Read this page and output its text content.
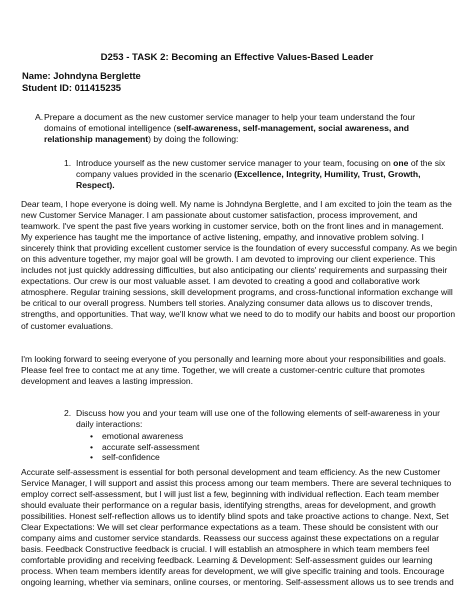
D253 - TASK 2: Becoming an Effective Values-Based Leader
Name: Johndyna Berglette
Student ID: 011415235
A. Prepare a document as the new customer service manager to help your team understand the four domains of emotional intelligence (self-awareness, self-management, social awareness, and relationship management) by doing the following:
1. Introduce yourself as the new customer service manager to your team, focusing on one of the six company values provided in the scenario (Excellence, Integrity, Humility, Trust, Growth, Respect).

Dear team, I hope everyone is doing well. My name is Johndyna Berglette, and I am excited to join the team as the new Customer Service Manager. I am passionate about customer satisfaction, process improvement, and teamwork. I've spent the past five years working in customer service, both on the front lines and in management. My experience has taught me the importance of active listening, empathy, and innovative problem solving. I sincerely think that providing excellent customer service is the foundation of every successful company. As we begin on this adventure together, my major goal will be growth. I am devoted to improving our client experience. This includes not just quickly addressing difficulties, but also anticipating our clients' requirements and surpassing their expectations. Our crew is our most valuable asset. I am devoted to creating a good and collaborative work atmosphere. Regular training sessions, skill development programs, and cross-functional information exchange will be critical to our overall progress. Numbers tell stories. Analyzing consumer data allows us to discover trends, strengths, and opportunities. That way, we'll know what we need to do to modify our habits and boost our proportion of customer evaluations.

I'm looking forward to seeing everyone of you personally and learning more about your responsibilities and goals. Please feel free to contact me at any time. Together, we will create a customer-centric culture that promotes development and leaves a lasting impression.

2. Discuss how you and your team will use one of the following elements of self-awareness in your daily interactions:
• emotional awareness
• accurate self-assessment
• self-confidence

Accurate self-assessment is essential for both personal development and team efficiency. As the new Customer Service Manager, I will support and assist this process among our team members. There are several techniques to employ correct self-assessment, but I will just list a few, beginning with individual reflection. Each team member should evaluate their performance on a regular basis, identifying strengths, areas for development, and growth possibilities. Honest self-reflection allows us to identify blind spots and take proactive actions to change. Next, Set Clear Expectations: We will set clear performance expectations as a team. These should be consistent with our company aims and customer service standards. Reassess our success against these expectations on a regular basis. Feedback Constructive feedback is crucial. I will establish an atmosphere in which team members feel comfortable providing and receiving feedback. Learning & Development: Self-assessment guides our learning process. When team members identify areas for development, we will give specific training and tools. Encourage ongoing learning, whether via seminars, online courses, or mentoring. Self-assessment allows us to see trends and
